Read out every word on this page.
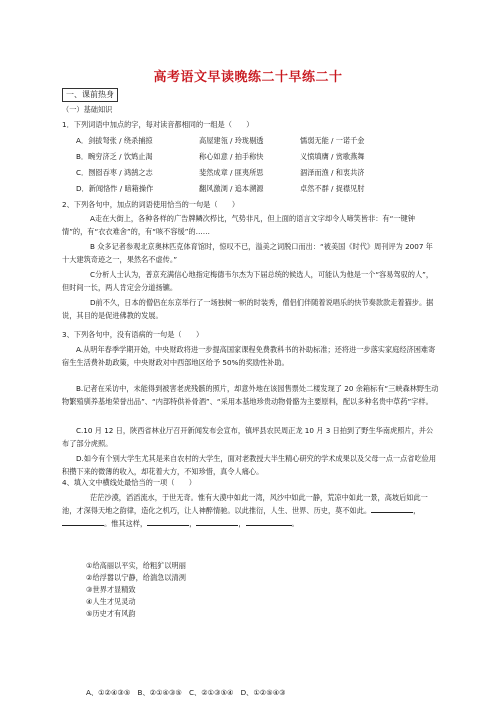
高考语文早读晚练二十早练二十
一、课前热身
（一）基础知识
1．下列词语中加点的字，每对读音都相同的一组是（　　）
A．剑拔弩张 / 绕杀捕掠	高屋建瓴 / 玲珑剔透	懦弱无能 / 一诺千金
B．畹穷济乏 / 饮鸩止渴	称心如意 / 拍手称快	义愤填膺 / 赏歌燕舞
C．囫囵吞枣 / 鸿鹄之志	斐然成章 / 匪夷所思	涸泽而渔 / 和衷共济
D．新闻恪怍 / 暗箱操作	翻风激浏 / 追本溯源	卓然不群 / 捉襟见肘
2、下列各句中，加点的词语使用恰当的一句是（　　）
A走在大街上，各种各样的广告牌鳞次栉比，气势非凡，但上面的语言文字却令人啼笑皆非：有“一键钟情”的，有“衣衣难舍”的，有“咳不容缓”的……
B 众多记者参观北京奥林匹克体育馆时，惊叹不已，溢美之词脱口而出：“被美国《时代》周刊评为 2007 年十大建筑奇迹之一，果然名不虚传。”
C分析人士认为，普京充满信心地指定梅德韦尔杰为下届总统的候选人，可能认为他是一个“容易驾驭的人”，但时间一长，两人肯定会分道扬镳。
D前不久，日本的僧侣在东京举行了一场独树一帜的时装秀，僧侣们伴随着说唱乐的快节奏款款走着猫步。据说，其目的是促进佛教的发展。
3、下列各句中，没有语病的一句是（　　）
A.从明年春季学期开始，中央财政将进一步提高国家课程免费教科书的补助标准；还将进一步落实家庭经济困难寄宿生生活费补助政策，中央财政对中西部地区给予 50%的奖励性补助。
B.记者在采访中，未能得到被害老虎残骸的照片，却意外地在该园售票处二楼发现了 20 余箱标有“三峡森林野生动物繁殖驯养基地荣誉出品”、“内部特供补骨酒”、“采用本基地珍贵动物骨骼为主要原料，配以多种名贵中草药”字样。
C.10 月 12 日，陕西省林业厅召开新闻发布会宣布，镇坪县农民周正龙 10 月 3 日拍到了野生华南虎照片，并公布了部分虎照。
D.如今有个别大学生尤其是来自农村的大学生，面对老教授大半生精心研究的学术成果以及父母一点一点省吃俭用积攒下来的微薄的收入，却花着大方，不知珍惜，真令人痛心。
4、填入文中横线处最恰当的一项（　　）
茫茫沙漠，滔滔流水，于世无奇。惟有大漠中如此一湾，风沙中如此一静，荒凉中如此一景，高坡后如此一池，才深得天地之韵律，造化之机巧，让人神醉情驰。以此推衍，人生、世界、历史，莫不如此。	，。惟其这样，	，	，	。
①给高丽以平实，给粗犷以明丽
②给浮嚣以宁静，给湍急以清洌
③世界才显精致
④人生才见灵动
⑤历史才有风韵
A、①②④③⑤　B、②①④③⑤　C、②①③⑤④　D、①②⑤④③
